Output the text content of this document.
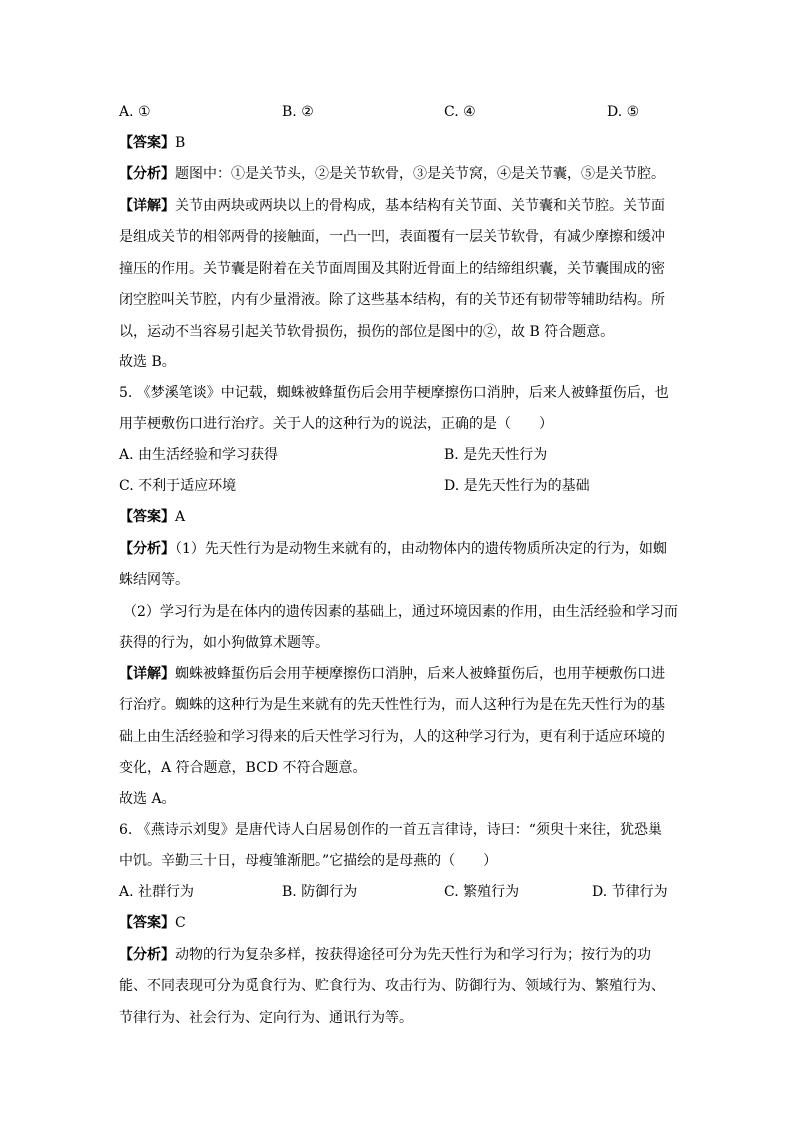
A. ①	B. ②	C. ④	D. ⑤
【答案】B
【分析】题图中：①是关节头，②是关节软骨，③是关节窝，④是关节囊，⑤是关节腔。
【详解】关节由两块或两块以上的骨构成，基本结构有关节面、关节囊和关节腔。关节面
是组成关节的相邻两骨的接触面，一凸一凹，表面覆有一层关节软骨，有减少摩擦和缓冲
撞压的作用。关节囊是附着在关节面周围及其附近骨面上的结缔组织囊，关节囊围成的密
闭空腔叫关节腔，内有少量滑液。除了这些基本结构，有的关节还有韧带等辅助结构。所
以，运动不当容易引起关节软骨损伤，损伤的部位是图中的②，故 B 符合题意。
故选 B。
5. 《梦溪笔谈》中记载，蜘蛛被蜂蜇伤后会用芋梗摩擦伤口消肿，后来人被蜂蜇伤后，也
用芋梗敷伤口进行治疗。关于人的这种行为的说法，正确的是（　　）
A. 由生活经验和学习获得	B. 是先天性行为
C. 不利于适应环境	D. 是先天性行为的基础
【答案】A
【分析】（1）先天性行为是动物生来就有的，由动物体内的遗传物质所决定的行为，如蜘
蛛结网等。
（2）学习行为是在体内的遗传因素的基础上，通过环境因素的作用，由生活经验和学习而
获得的行为，如小狗做算术题等。
【详解】蜘蛛被蜂蜇伤后会用芋梗摩擦伤口消肿，后来人被蜂蜇伤后，也用芋梗敷伤口进
行治疗。蜘蛛的这种行为是生来就有的先天性性行为，而人这种行为是在先天性行为的基
础上由生活经验和学习得来的后天性学习行为，人的这种学习行为，更有利于适应环境的
变化，A 符合题意，BCD 不符合题意。
故选 A。
6. 《燕诗示刘叟》是唐代诗人白居易创作的一首五言律诗，诗曰：“须臾十来往，犹恐巢
中饥。辛勤三十日，母瘦雏渐肥。”它描绘的是母燕的（　　）
A. 社群行为	B. 防御行为	C. 繁殖行为	D. 节律行为
【答案】C
【分析】动物的行为复杂多样，按获得途径可分为先天性行为和学习行为；按行为的功
能、不同表现可分为觅食行为、贮食行为、攻击行为、防御行为、领域行为、繁殖行为、
节律行为、社会行为、定向行为、通讯行为等。
